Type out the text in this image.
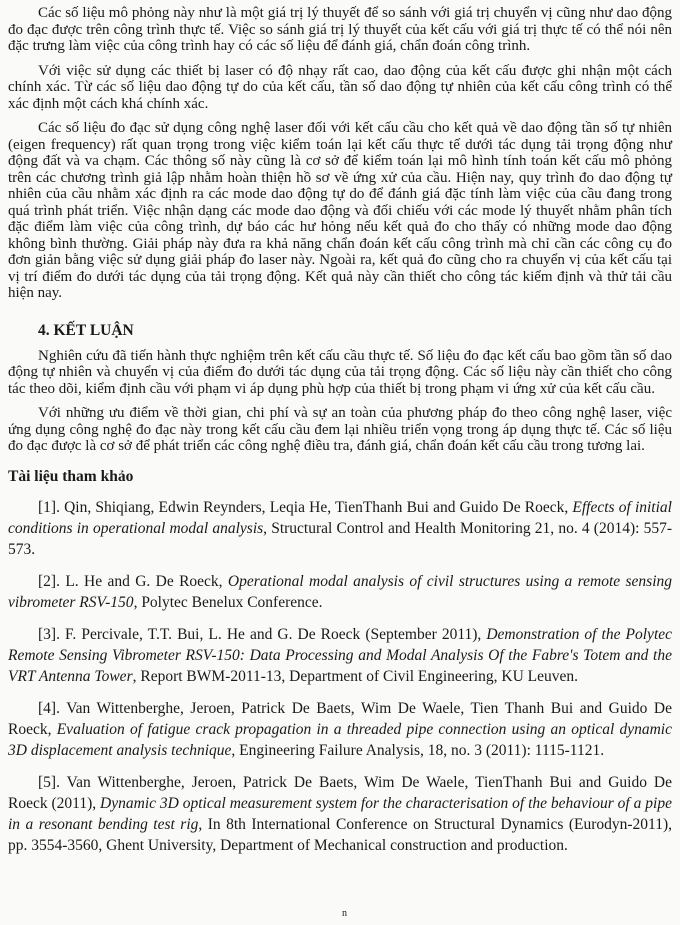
Các số liệu mô phỏng này như là một giá trị lý thuyết để so sánh với giá trị chuyển vị cũng như dao động đo đạc được trên công trình thực tế. Việc so sánh giá trị lý thuyết của kết cấu với giá trị thực tế có thể nói nên đặc trưng làm việc của công trình hay có các số liệu để đánh giá, chẩn đoán công trình.

Với việc sử dụng các thiết bị laser có độ nhạy rất cao, dao động của kết cấu được ghi nhận một cách chính xác. Từ các số liệu dao động tự do của kết cấu, tần số dao động tự nhiên của kết cấu công trình có thể xác định một cách khá chính xác.

Các số liệu đo đạc sử dụng công nghệ laser đối với kết cấu cầu cho kết quả về dao động tần số tự nhiên (eigen frequency) rất quan trọng trong việc kiểm toán lại kết cấu thực tế dưới tác dụng tải trọng động như động đất và va chạm. Các thông số này cũng là cơ sở để kiểm toán lại mô hình tính toán kết cấu mô phỏng trên các chương trình giả lập nhằm hoàn thiện hồ sơ về ứng xử của cầu. Hiện nay, quy trình đo dao động tự nhiên của cầu nhằm xác định ra các mode dao động tự do để đánh giá đặc tính làm việc của cầu đang trong quá trình phát triển. Việc nhận dạng các mode dao động và đối chiếu với các mode lý thuyết nhằm phân tích đặc điểm làm việc của công trình, dự báo các hư hỏng nếu kết quả đo cho thấy có những mode dao động không bình thường. Giải pháp này đưa ra khả năng chẩn đoán kết cấu công trình mà chỉ cần các công cụ đo đơn giản bằng việc sử dụng giải pháp đo laser này. Ngoài ra, kết quả đo cũng cho ra chuyển vị của kết cấu tại vị trí điểm đo dưới tác dụng của tải trọng động. Kết quả này cần thiết cho công tác kiểm định và thử tải cầu hiện nay.

4. KẾT LUẬN

Nghiên cứu đã tiến hành thực nghiệm trên kết cấu cầu thực tế. Số liệu đo đạc kết cấu bao gồm tần số dao động tự nhiên và chuyển vị của điểm đo dưới tác dụng của tải trọng động. Các số liệu này cần thiết cho công tác theo dõi, kiểm định cầu với phạm vi áp dụng phù hợp của thiết bị trong phạm vi ứng xử của kết cấu cầu.

Với những ưu điểm về thời gian, chi phí và sự an toàn của phương pháp đo theo công nghệ laser, việc ứng dụng công nghệ đo đạc này trong kết cấu cầu đem lại nhiều triển vọng trong áp dụng thực tế. Các số liệu đo đạc được là cơ sở để phát triển các công nghệ điều tra, đánh giá, chẩn đoán kết cấu cầu trong tương lai.

Tài liệu tham khảo

[1]. Qin, Shiqiang, Edwin Reynders, Leqia He, TienThanh Bui and Guido De Roeck, Effects of initial conditions in operational modal analysis, Structural Control and Health Monitoring 21, no. 4 (2014): 557-573.

[2]. L. He and G. De Roeck, Operational modal analysis of civil structures using a remote sensing vibrometer RSV-150, Polytec Benelux Conference.

[3]. F. Percivale, T.T. Bui, L. He and G. De Roeck (September 2011), Demonstration of the Polytec Remote Sensing Vibrometer RSV-150: Data Processing and Modal Analysis Of the Fabre's Totem and the VRT Antenna Tower, Report BWM-2011-13, Department of Civil Engineering, KU Leuven.

[4]. Van Wittenberghe, Jeroen, Patrick De Baets, Wim De Waele, Tien Thanh Bui and Guido De Roeck, Evaluation of fatigue crack propagation in a threaded pipe connection using an optical dynamic 3D displacement analysis technique, Engineering Failure Analysis, 18, no. 3 (2011): 1115-1121.

[5]. Van Wittenberghe, Jeroen, Patrick De Baets, Wim De Waele, TienThanh Bui and Guido De Roeck (2011), Dynamic 3D optical measurement system for the characterisation of the behaviour of a pipe in a resonant bending test rig, In 8th International Conference on Structural Dynamics (Eurodyn-2011), pp. 3554-3560, Ghent University, Department of Mechanical construction and production.

n
